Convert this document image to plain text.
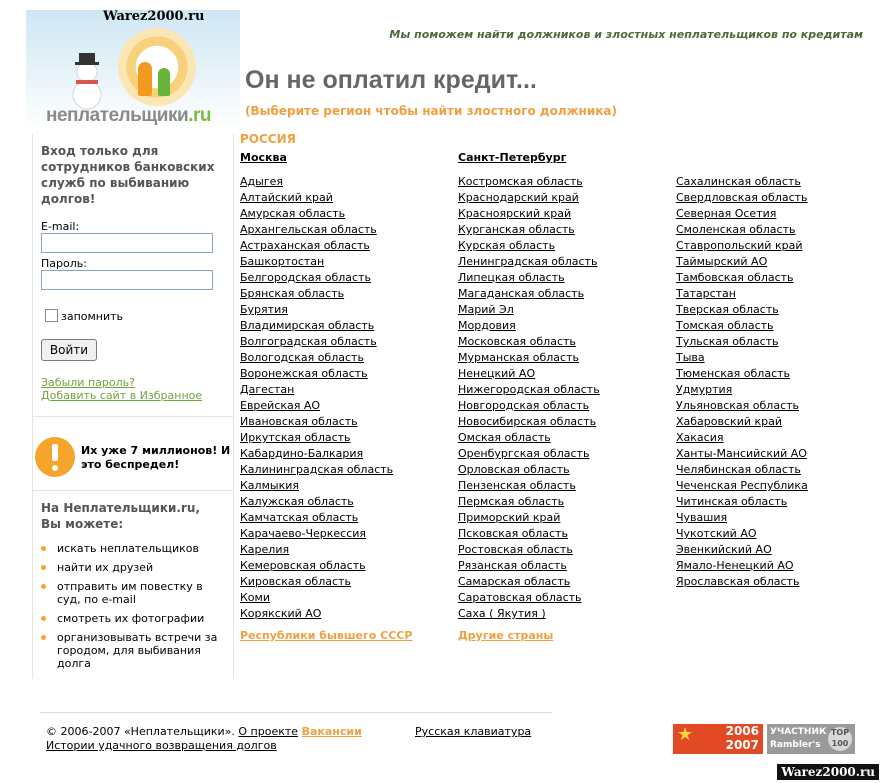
Warez2000.ru
неплательщики.ru
Мы поможем найти должников и злостных неплательщиков по кредитам
Он не оплатил кредит...
(Выберите регион чтобы найти злостного должника)
Вход только для сотрудников банковских служб по выбиванию долгов!
E-mail:
Пароль:
запомнить
Войти
Забыли пароль?
Добавить сайт в Избранное
Их уже 7 миллионов! И это беспредел!
На Неплательщики.ru, Вы можете:
искать неплательщиков
найти их друзей
отправить им повестку в суд, по e-mail
смотреть их фотографии
организовывать встречи за городом, для выбивания долга
РОССИЯ
Москва
Адыгея
Алтайский край
Амурская область
Архангельская область
Астраханская область
Башкортостан
Белгородская область
Брянская область
Бурятия
Владимирская область
Волгоградская область
Вологодская область
Воронежская область
Дагестан
Еврейская АО
Ивановская область
Иркутская область
Кабардино-Балкария
Калининградская область
Калмыкия
Калужская область
Камчатская область
Карачаево-Черкессия
Карелия
Кемеровская область
Кировская область
Коми
Корякский АО
Республики бывшего СССР
Санкт-Петербург
Костромская область
Краснодарский край
Красноярский край
Курганская область
Курская область
Ленинградская область
Липецкая область
Магаданская область
Марий Эл
Мордовия
Московская область
Мурманская область
Ненецкий АО
Нижегородская область
Новгородская область
Новосибирская область
Омская область
Оренбургская область
Орловская область
Пензенская область
Пермская область
Приморский край
Псковская область
Ростовская область
Рязанская область
Самарская область
Саратовская область
Саха ( Якутия )
Другие страны
Сахалинская область
Свердловская область
Северная Осетия
Смоленская область
Ставропольский край
Таймырский АО
Тамбовская область
Татарстан
Тверская область
Томская область
Тульская область
Тыва
Тюменская область
Удмуртия
Ульяновская область
Хабаровский край
Хакасия
Ханты-Мансийский АО
Челябинская область
Чеченская Республика
Читинская область
Чувашия
Чукотский АО
Эвенкийский АО
Ямало-Ненецкий АО
Ярославская область
© 2006-2007 «Неплательщики». О проекте Вакансии
Истории удачного возвращения долгов
Русская клавиатура	★	2006
2007
УЧАСТНИК
Rambler's
TOP 100
Warez2000.ru
